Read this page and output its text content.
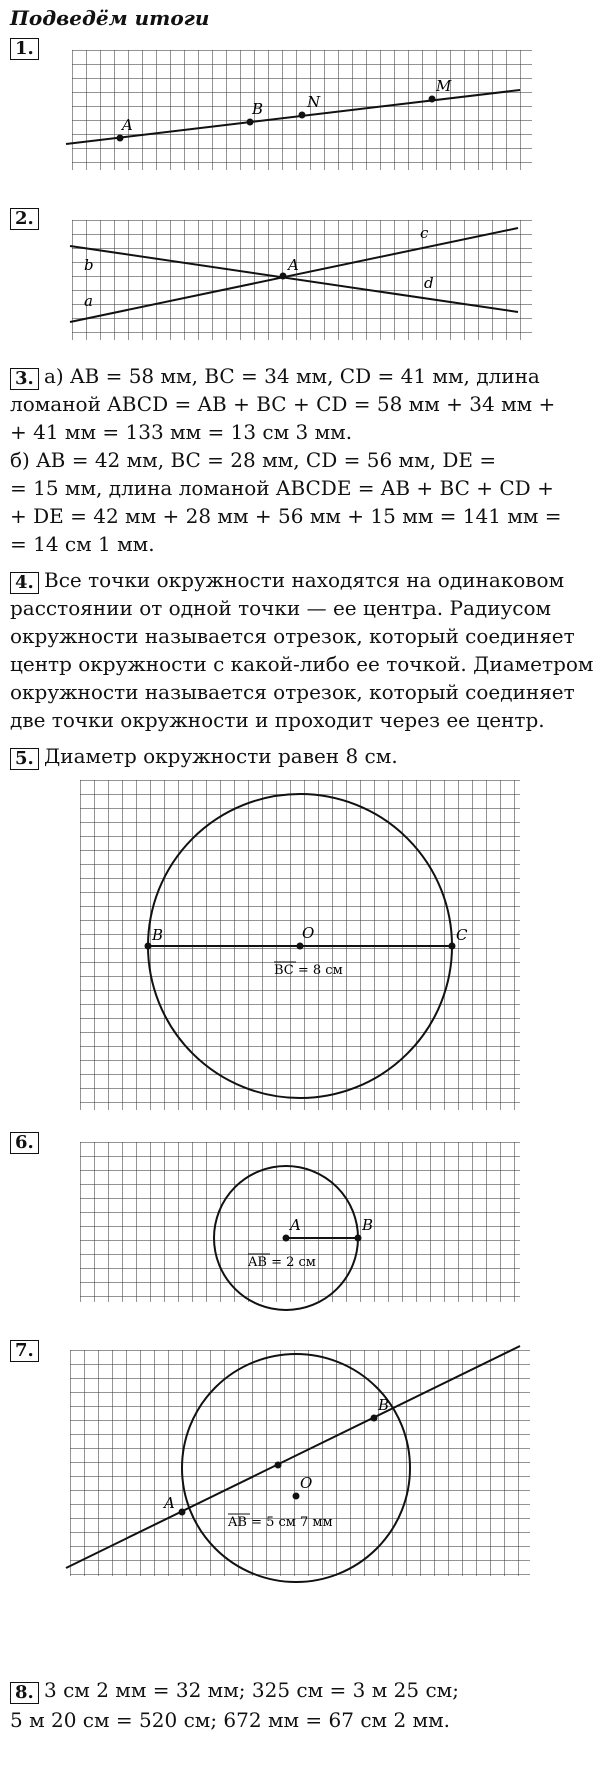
Подведём итоги
1.
A
B	N
M
2.
b
a
c
d
A
3. а) AB = 58 мм, BC = 34 мм, CD = 41 мм, длина
ломаной ABCD = AB + BC + CD = 58 мм + 34 мм +
+ 41 мм = 133 мм = 13 см 3 мм.
б) AB = 42 мм, BC = 28 мм, CD = 56 мм, DE =
= 15 мм, длина ломаной ABCDE = AB + BC + CD +
+ DE = 42 мм + 28 мм + 56 мм + 15 мм = 141 мм =
= 14 см 1 мм.
4. Все точки окружности находятся на одинаковом
расстоянии от одной точки — ее центра. Радиусом
окружности называется отрезок, который соединяет
центр окружности с какой-либо ее точкой. Диаметром
окружности называется отрезок, который соединяет
две точки окружности и проходит через ее центр.
5. Диаметр окружности равен 8 см.
B	O	C
BC = 8 см
6.
A	B
AB = 2 см
7.
A
B
O
AB = 5 см 7 мм
8. 3 см 2 мм = 32 мм; 325 см = 3 м 25 см;
5 м 20 см = 520 см; 672 мм = 67 см 2 мм.
